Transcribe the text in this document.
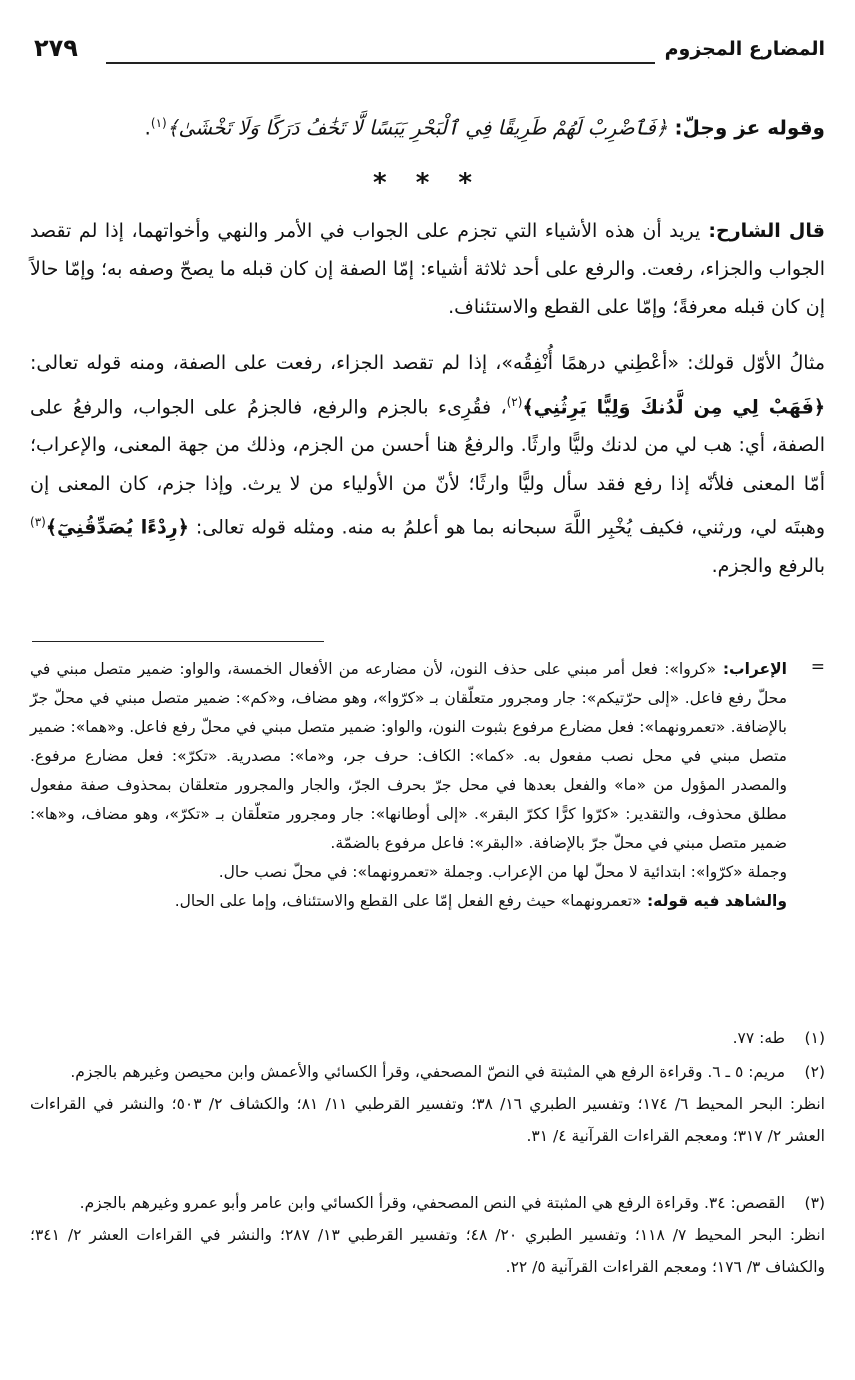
المضارع المجزوم
٢٧٩
وقوله عز وجلّ: ﴿فَٱضْرِبْ لَهُمْ طَرِيقًا فِي ٱلْبَحْرِ يَبَسًا لَّا تَخَٰفُ دَرَكًا وَلَا تَخْشَىٰ﴾$^{(١)}$.
* * *
قال الشارح: يريد أن هذه الأشياء التي تجزم على الجواب في الأمر والنهي وأخواتهما، إذا لم تقصد الجواب والجزاء، رفعت. والرفع على أحد ثلاثة أشياء: إمّا الصفة إن كان قبله ما يصحّ وصفه به؛ وإمّا حالاً إن كان قبله معرفةً؛ وإمّا على القطع والاستئناف.
مثالُ الأوّل قولك: «أعْطِني درهمًا أُنْفِقُه»، إذا لم تقصد الجزاء، رفعت على الصفة، ومنه قوله تعالى: ﴿فَهَبْ لِي مِن لَّدُنكَ وَلِيًّا يَرِثُنِي﴾$^{(٢)}$، فقُرِىء بالجزم والرفع، فالجزمُ على الجواب، والرفعُ على الصفة، أي: هب لي من لدنك وليًّا وارثًا. والرفعُ هنا أحسن من الجزم، وذلك من جهة المعنى، والإعراب؛ أمّا المعنى فلأنّه إذا رفع فقد سأل وليًّا وارثًا؛ لأنّ من الأولياء من لا يرث. وإذا جزم، كان المعنى إن وهبتَه لي، ورثني، فكيف يُخْبِر اللَّهَ سبحانه بما هو أعلمُ به منه. ومثله قوله تعالى: ﴿رِدْءًا يُصَدِّقُنِيٓ﴾$^{(٣)}$ بالرفع والجزم.
=
الإعراب: «كروا»: فعل أمر مبني على حذف النون، لأن مضارعه من الأفعال الخمسة، والواو: ضمير متصل مبني في محلّ رفع فاعل. «إلى حرّتيكم»: جار ومجرور متعلّقان بـ «كرّوا»، وهو مضاف، و«كم»: ضمير متصل مبني في محلّ جرّ بالإضافة. «تعمرونهما»: فعل مضارع مرفوع بثبوت النون، والواو: ضمير متصل مبني في محلّ رفع فاعل. و«هما»: ضمير متصل مبني في محل نصب مفعول به. «كما»: الكاف: حرف جر، و«ما»: مصدرية. «تكرّ»: فعل مضارع مرفوع. والمصدر المؤول من «ما» والفعل بعدها في محل جرّ بحرف الجرّ، والجار والمجرور متعلقان بمحذوف صفة مفعول مطلق محذوف، والتقدير: «كرّوا كرًّا ككرّ البقر». «إلى أوطانها»: جار ومجرور متعلّقان بـ «تكرّ»، وهو مضاف، و«ها»: ضمير متصل مبني في محلّ جرّ بالإضافة. «البقر»: فاعل مرفوع بالضمّة.
وجملة «كرّوا»: ابتدائية لا محلّ لها من الإعراب. وجملة «تعمرونهما»: في محلّ نصب حال.
والشاهد فيه قوله: «تعمرونهما» حيث رفع الفعل إمّا على القطع والاستئناف، وإما على الحال.
(١)
طه: ٧٧.
(٢)
مريم: ٥ ـ ٦. وقراءة الرفع هي المثبتة في النصّ المصحفي، وقرأ الكسائي والأعمش وابن محيصن وغيرهم بالجزم.
انظر: البحر المحيط ٦/ ١٧٤؛ وتفسير الطبري ١٦/ ٣٨؛ وتفسير القرطبي ١١/ ٨١؛ والكشاف ٢/ ٥٠٣؛ والنشر في القراءات العشر ٢/ ٣١٧؛ ومعجم القراءات القرآنية ٤/ ٣١.
(٣)
القصص: ٣٤. وقراءة الرفع هي المثبتة في النص المصحفي، وقرأ الكسائي وابن عامر وأبو عمرو وغيرهم بالجزم.
انظر: البحر المحيط ٧/ ١١٨؛ وتفسير الطبري ٢٠/ ٤٨؛ وتفسير القرطبي ١٣/ ٢٨٧؛ والنشر في القراءات العشر ٢/ ٣٤١؛ والكشاف ٣/ ١٧٦؛ ومعجم القراءات القرآنية ٥/ ٢٢.
